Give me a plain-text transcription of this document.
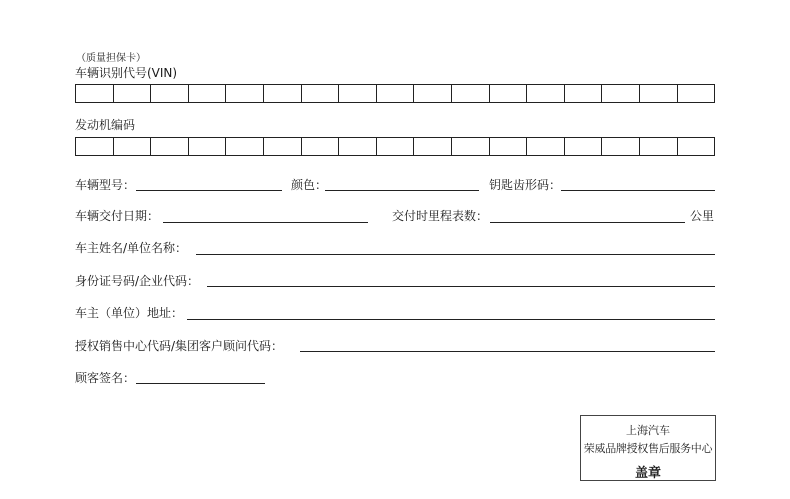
（质量担保卡）
车辆识别代号(VIN)
发动机编码
车辆型号：	颜色：	钥匙齿形码：
车辆交付日期：	交付时里程表数：	公里
车主姓名/单位名称：
身份证号码/企业代码：
车主（单位）地址：
授权销售中心代码/集团客户顾问代码：
顾客签名：
上海汽车
荣威品牌授权售后服务中心
盖章
